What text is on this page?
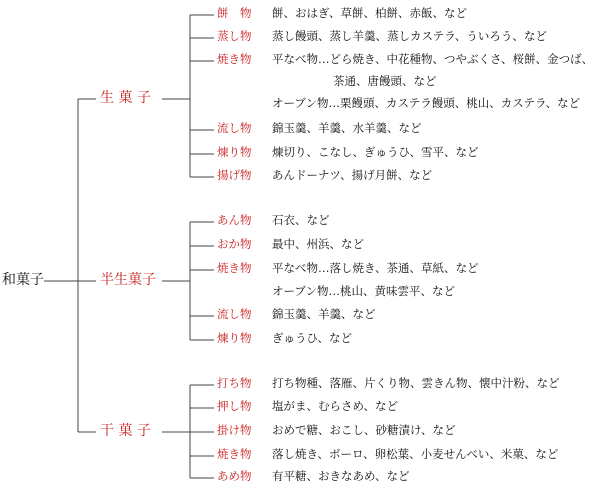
和菓子
生 菓 子
餅　物 餅、おはぎ、草餅、柏餅、赤飯、など
蒸し物 蒸し饅頭、蒸し羊羹、蒸しカステラ、ういろう、など
焼き物 平なべ物…どら焼き、中花種物、つやぶくさ、桜餅、金つば、
茶通、唐饅頭、など
オーブン物…栗饅頭、カステラ饅頭、桃山、カステラ、など
流し物 錦玉羹、羊羹、水羊羹、など
煉り物 煉切り、こなし、ぎゅうひ、雪平、など
揚げ物 あんドーナツ、揚げ月餅、など
半生菓子
あん物 石衣、など
おか物 最中、州浜、など
焼き物 平なべ物…落し焼き、茶通、草紙、など
オーブン物…桃山、黄味雲平、など
流し物 錦玉羹、羊羹、など
煉り物 ぎゅうひ、など
干 菓 子
打ち物 打ち物種、落雁、片くり物、雲きん物、懐中汁粉、など
押し物 塩がま、むらさめ、など
掛け物 おめで糖、おこし、砂糖漬け、など
焼き物 落し焼き、ボーロ、卵松葉、小麦せんべい、米菓、など
あめ物 有平糖、おきなあめ、など
